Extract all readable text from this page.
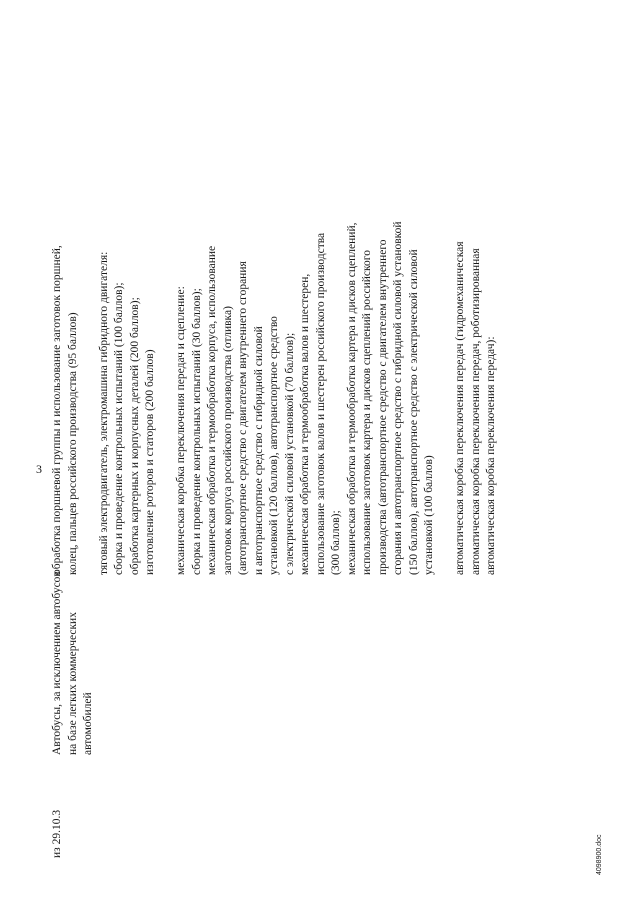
3
из 29.10.3
Автобусы, за исключением автобусов на базе легких коммерческих автомобилей
обработка поршневой группы и использование заготовок поршней, колец, пальцев российского производства (95 баллов) тяговый электродвигатель, электромашина гибридного двигателя: сборка и проведение контрольных испытаний (100 баллов); обработка картерных и корпусных деталей (200 баллов); изготовление роторов и статоров (200 баллов) механическая коробка переключения передач и сцепление: сборка и проведение контрольных испытаний (30 баллов); механическая обработка и термообработка корпуса, использование заготовок корпуса российского производства (отливка) (автотранспортное средство с двигателем внутреннего сгорания и автотранспортное средство с гибридной силовой установкой (120 баллов), автотранспортное средство с электрической силовой установкой (70 баллов); механическая обработка и термообработка валов и шестерен, использование заготовок валов и шестерен российского производства (300 баллов); механическая обработка и термообработка картера и дисков сцеплений, использование заготовок картера и дисков сцеплений российского производства (автотранспортное средство с двигателем внутреннего сгорания и автотранспортное средство с гибридной силовой установкой (150 баллов), автотранспортное средство с электрической силовой установкой (100 баллов) автоматическая коробка переключения передач (гидромеханическая автоматическая коробка переключения передач, роботизированная автоматическая коробка переключения передач):
4098900.doc
